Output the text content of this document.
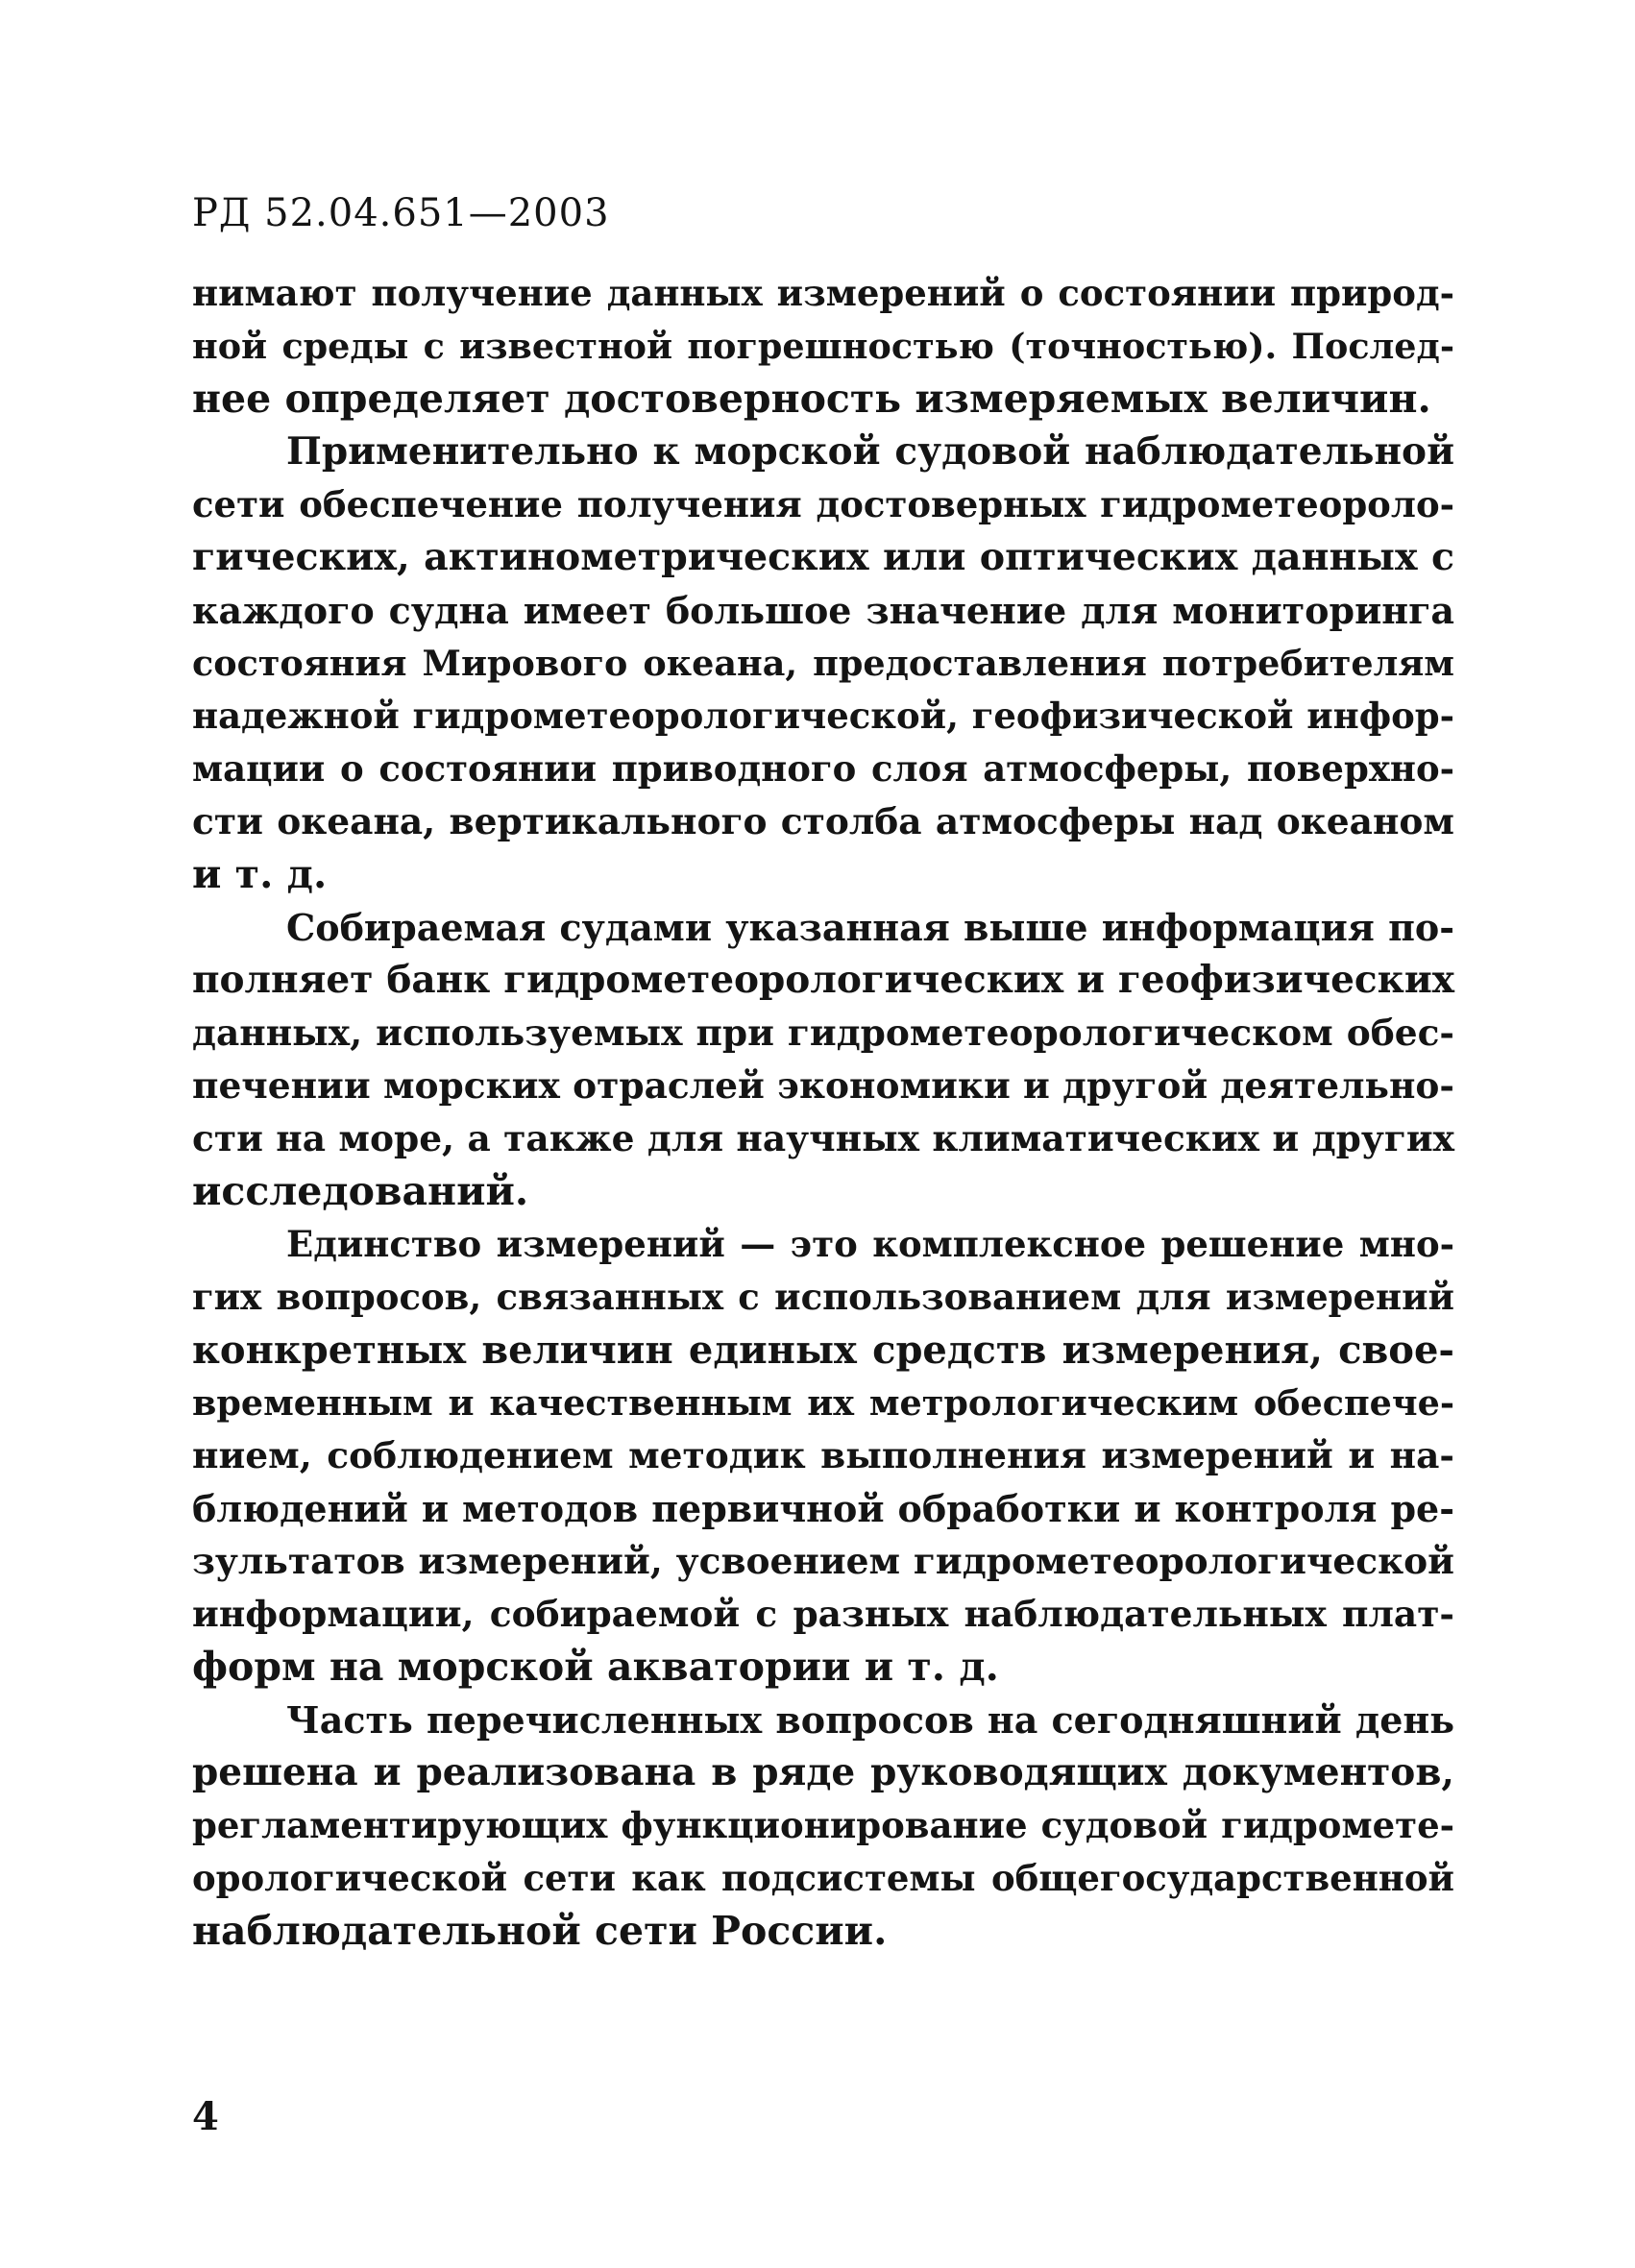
РД 52.04.651—2003

нимают получение данных измерений о состоянии природ-
ной среды с известной погрешностью (точностью). Послед-
нее определяет достоверность измеряемых величин.

Применительно к морской судовой наблюдательной
сети обеспечение получения достоверных гидрометеороло-
гических, актинометрических или оптических данных с
каждого судна имеет большое значение для мониторинга
состояния Мирового океана, предоставления потребителям
надежной гидрометеорологической, геофизической инфор-
мации о состоянии приводного слоя атмосферы, поверхно-
сти океана, вертикального столба атмосферы над океаном
и т. д.

Собираемая судами указанная выше информация по-
полняет банк гидрометеорологических и геофизических
данных, используемых при гидрометеорологическом обес-
печении морских отраслей экономики и другой деятельно-
сти на море, а также для научных климатических и других
исследований.

Единство измерений — это комплексное решение мно-
гих вопросов, связанных с использованием для измерений
конкретных величин единых средств измерения, свое-
временным и качественным их метрологическим обеспече-
нием, соблюдением методик выполнения измерений и на-
блюдений и методов первичной обработки и контроля ре-
зультатов измерений, усвоением гидрометеорологической
информации, собираемой с разных наблюдательных плат-
форм на морской акватории и т. д.

Часть перечисленных вопросов на сегодняшний день
решена и реализована в ряде руководящих документов,
регламентирующих функционирование судовой гидромете-
орологической сети как подсистемы общегосударственной
наблюдательной сети России.

4
